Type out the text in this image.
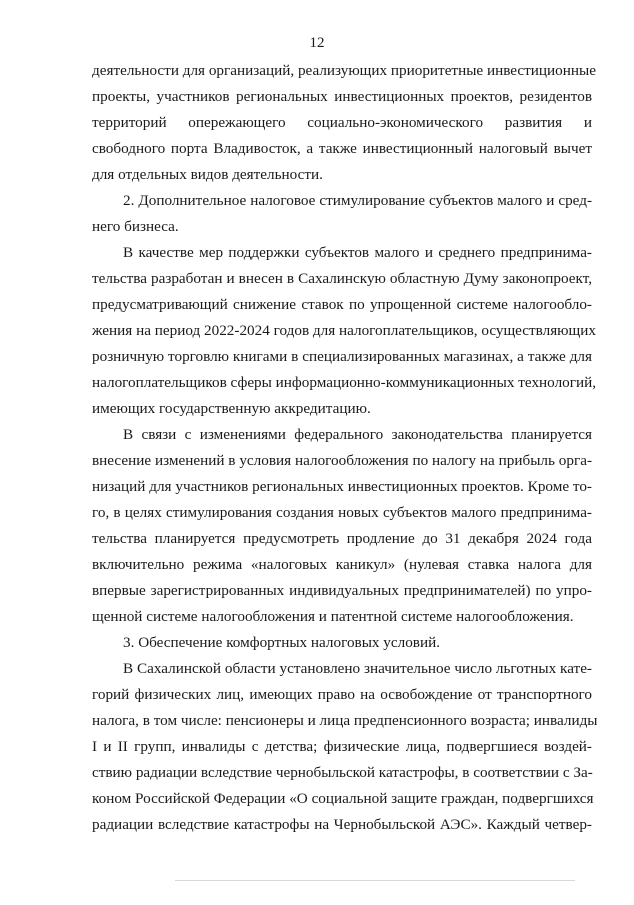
12
деятельности для организаций, реализующих приоритетные инвестиционные
проекты, участников региональных инвестиционных проектов, резидентов
территорий опережающего социально-экономического развития и
свободного порта Владивосток, а также инвестиционный налоговый вычет
для отдельных видов деятельности.
2. Дополнительное налоговое стимулирование субъектов малого и сред-
него бизнеса.
В качестве мер поддержки субъектов малого и среднего предпринима-
тельства разработан и внесен в Сахалинскую областную Думу законопроект,
предусматривающий снижение ставок по упрощенной системе налогообло-
жения на период 2022-2024 годов для налогоплательщиков, осуществляющих
розничную торговлю книгами в специализированных магазинах, а также для
налогоплательщиков сферы информационно-коммуникационных технологий,
имеющих государственную аккредитацию.
В связи с изменениями федерального законодательства планируется
внесение изменений в условия налогообложения по налогу на прибыль орга-
низаций для участников региональных инвестиционных проектов. Кроме то-
го, в целях стимулирования создания новых субъектов малого предпринима-
тельства планируется предусмотреть продление до 31 декабря 2024 года
включительно режима «налоговых каникул» (нулевая ставка налога для
впервые зарегистрированных индивидуальных предпринимателей) по упро-
щенной системе налогообложения и патентной системе налогообложения.
3. Обеспечение комфортных налоговых условий.
В Сахалинской области установлено значительное число льготных кате-
горий физических лиц, имеющих право на освобождение от транспортного
налога, в том числе: пенсионеры и лица предпенсионного возраста; инвалиды
I и II групп, инвалиды с детства; физические лица, подвергшиеся воздей-
ствию радиации вследствие чернобыльской катастрофы, в соответствии с За-
коном Российской Федерации «О социальной защите граждан, подвергшихся
радиации вследствие катастрофы на Чернобыльской АЭС». Каждый четвер-
